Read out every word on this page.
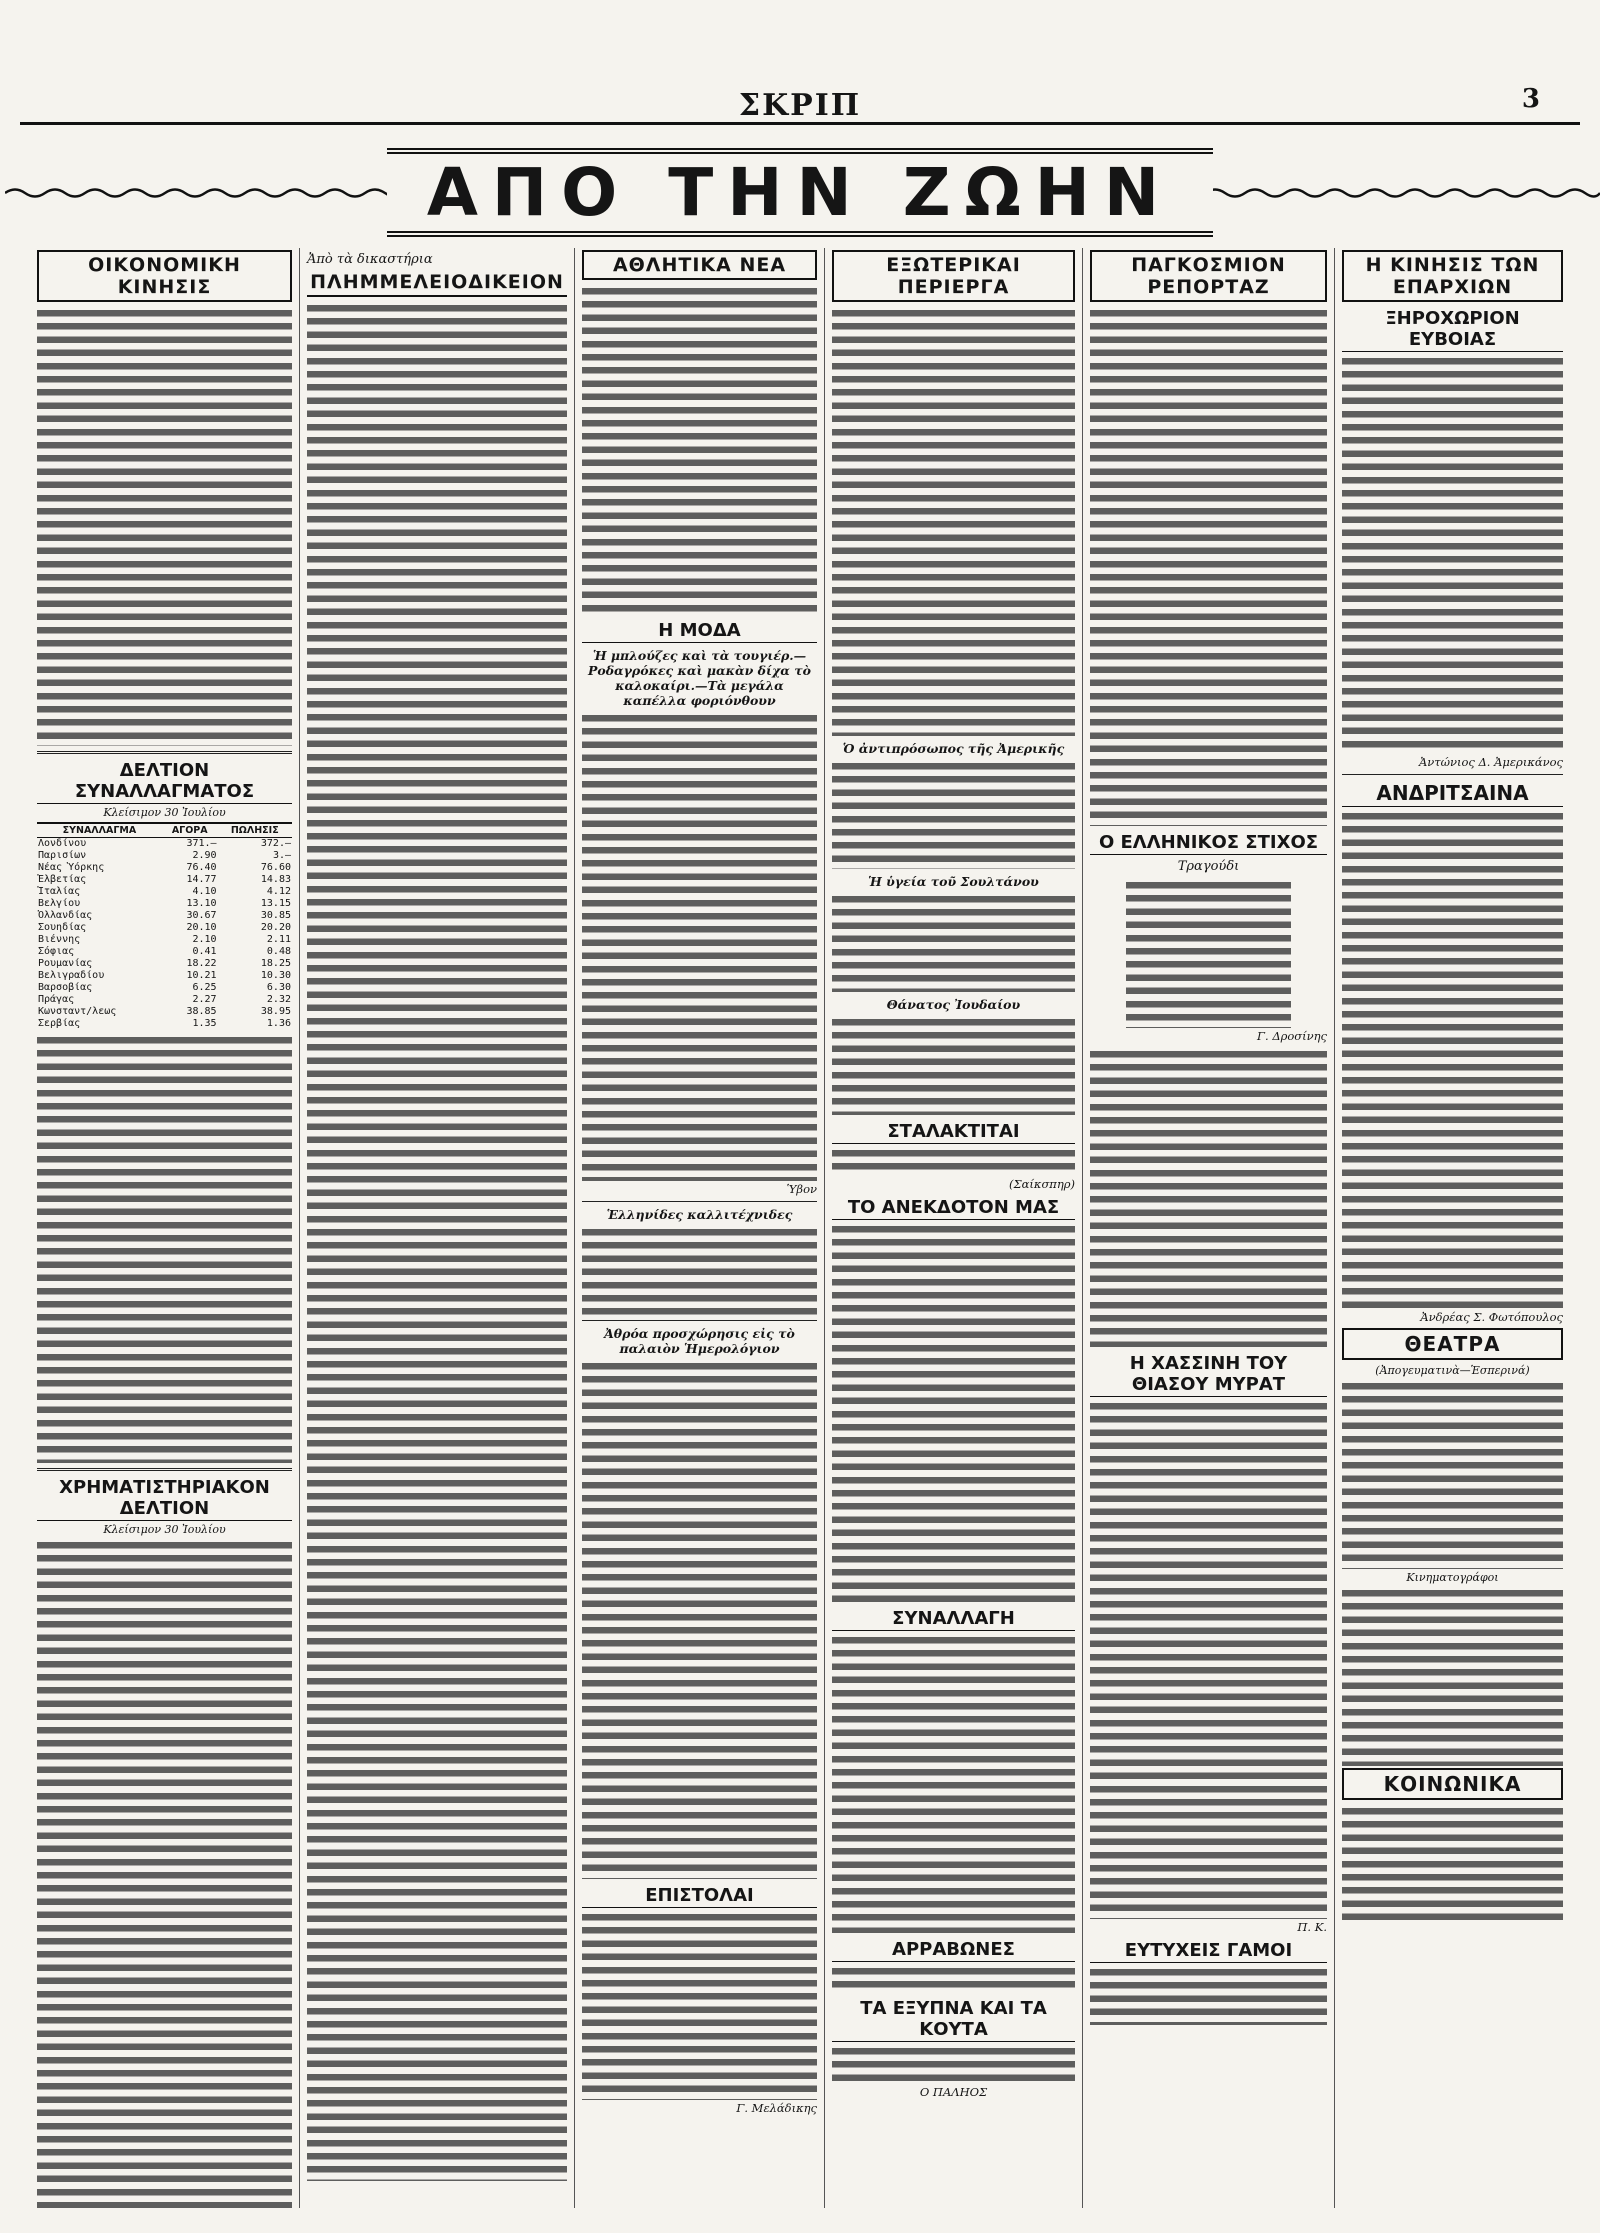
ΣΚΡΙΠ	3
ΑΠΟ ΤΗΝ ΖΩΗΝ
ΟΙΚΟΝΟΜΙΚΗ ΚΙΝΗΣΙΣ
ΔΕΛΤΙΟΝ ΣΥΝΑΛΛΑΓΜΑΤΟΣ
Κλείσιμον 30 Ἰουλίου
ΣΥΝΑΛΛΑΓΜΑ	ΑΓΟΡΑ	ΠΩΛΗΣΙΣ
Λονδίνου	371.—	372.—
Παρισίων	2.90	3.—
Νέας Ὑόρκης	76.40	76.60
Ἑλβετίας	14.77	14.83
Ἰταλίας	4.10	4.12
Βελγίου	13.10	13.15
Ὀλλανδίας	30.67	30.85
Σουηδίας	20.10	20.20
Βιέννης	2.10	2.11
Σόφιας	0.41	0.48
Ρουμανίας	18.22	18.25
Βελιγραδίου	10.21	10.30
Βαρσοβίας	6.25	6.30
Πράγας	2.27	2.32
Κωνσταντ/λεως	38.85	38.95
Σερβίας	1.35	1.36
ΧΡΗΜΑΤΙΣΤΗΡΙΑΚΟΝ ΔΕΛΤΙΟΝ
Κλείσιμον 30 Ἰουλίου
Ἀπὸ τὰ δικαστήρια
ΠΛΗΜΜΕΛΕΙΟΔΙΚΕΙΟΝ
ΑΘΛΗΤΙΚΑ ΝΕΑ
Η ΜΟΔΑ
Ἡ μπλούζες καὶ τὰ τουγιέρ.—Ροδαγρόκες καὶ μακὰν δίχα τὸ καλοκαίρι.—Τὰ μεγάλα καπέλλα φοριόνθουν
Ὑβον
Ἑλληνίδες καλλιτέχνιδες
Ἀθρόα προσχώρησις εἰς τὸ παλαιὸν Ἡμερολόγιον
ΕΠΙΣΤΟΛΑΙ
Γ. Μελάδικης
ΕΞΩΤΕΡΙΚΑΙ ΠΕΡΙΕΡΓΑ
Ὁ ἀντιπρόσωπος τῆς Ἀμερικῆς
Ἡ ὑγεία τοῦ Σουλτάνου
Θάνατος Ἰουδαίου
ΣΤΑΛΑΚΤΙΤΑΙ
(Σαίκσπηρ)
ΤΟ ΑΝΕΚΔΟΤΟΝ ΜΑΣ
ΣΥΝΑΛΛΑΓΗ
ΑΡΡΑΒΩΝΕΣ
ΤΑ ΕΞΥΠΝΑ ΚΑΙ ΤΑ ΚΟΥΤΑ
Ο ΠΑΛΗΟΣ
ΠΑΓΚΟΣΜΙΟΝ ΡΕΠΟΡΤΑΖ
Ο ΕΛΛΗΝΙΚΟΣ ΣΤΙΧΟΣ
Τραγούδι
Γ. Δροσίνης
Η ΧΑΣΣΙΝΗ ΤΟΥ ΘΙΑΣΟΥ ΜΥΡΑΤ
Π. Κ.
ΕΥΤΥΧΕΙΣ ΓΑΜΟΙ
Η ΚΙΝΗΣΙΣ ΤΩΝ ΕΠΑΡΧΙΩΝ
ΞΗΡΟΧΩΡΙΟΝ ΕΥΒΟΙΑΣ
Ἀντώνιος Δ. Ἀμερικάνος
ΑΝΔΡΙΤΣΑΙΝΑ
Ἀνδρέας Σ. Φωτόπουλος
ΘΕΑΤΡΑ
(Ἀπογευματινὰ—Ἑσπερινά)
Κινηματογράφοι
ΚΟΙΝΩΝΙΚΑ
